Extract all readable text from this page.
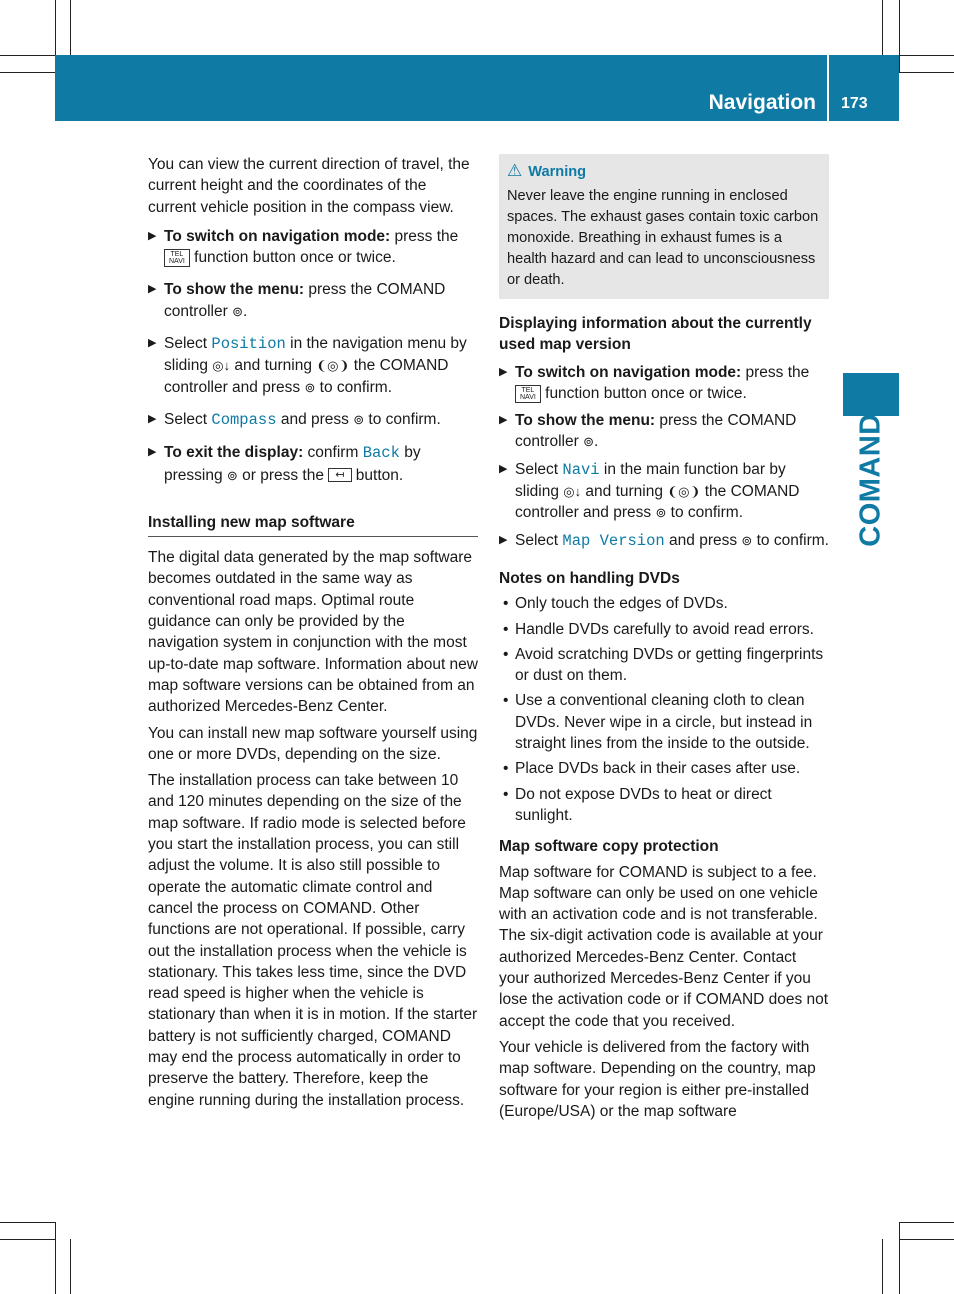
Navigation 173
COMAND

You can view the current direction of travel, the current height and the coordinates of the current vehicle position in the compass view.

▶ To switch on navigation mode: press the
TEL
NAVI function button once or twice.
▶ To show the menu: press the COMAND controller ⊚.
▶ Select Position in the navigation menu by sliding ◎↓ and turning ❨◎❩ the COMAND controller and press ⊚ to confirm.
▶ Select Compass and press ⊚ to confirm.
▶ To exit the display: confirm Back by pressing ⊚ or press the ↤ button.
Installing new map software

The digital data generated by the map software becomes outdated in the same way as conventional road maps. Optimal route guidance can only be provided by the navigation system in conjunction with the most up-to-date map software. Information about new map software versions can be obtained from an authorized Mercedes-Benz Center.

You can install new map software yourself using one or more DVDs, depending on the size.

The installation process can take between 10 and 120 minutes depending on the size of the map software. If radio mode is selected before you start the installation process, you can still adjust the volume. It is also still possible to operate the automatic climate control and cancel the process on COMAND. Other functions are not operational. If possible, carry out the installation process when the vehicle is stationary. This takes less time, since the DVD read speed is higher when the vehicle is stationary than when it is in motion. If the starter battery is not sufficiently charged, COMAND may end the process automatically in order to preserve the battery. Therefore, keep the engine running during the installation process.

⚠ Warning
Never leave the engine running in enclosed spaces. The exhaust gases contain toxic carbon monoxide. Breathing in exhaust fumes is a health hazard and can lead to unconsciousness or death.
Displaying information about the currently used map version
▶ To switch on navigation mode: press the
TEL
NAVI function button once or twice.
▶ To show the menu: press the COMAND controller ⊚.
▶ Select Navi in the main function bar by sliding ◎↓ and turning ❨◎❩ the COMAND controller and press ⊚ to confirm.
▶ Select Map Version and press ⊚ to confirm.
Notes on handling DVDs
• Only touch the edges of DVDs.
• Handle DVDs carefully to avoid read errors.
• Avoid scratching DVDs or getting fingerprints or dust on them.
• Use a conventional cleaning cloth to clean DVDs. Never wipe in a circle, but instead in straight lines from the inside to the outside.
• Place DVDs back in their cases after use.
• Do not expose DVDs to heat or direct sunlight.
Map software copy protection

Map software for COMAND is subject to a fee. Map software can only be used on one vehicle with an activation code and is not transferable. The six-digit activation code is available at your authorized Mercedes-Benz Center. Contact your authorized Mercedes-Benz Center if you lose the activation code or if COMAND does not accept the code that you received.

Your vehicle is delivered from the factory with map software. Depending on the country, map software for your region is either pre-installed (Europe/USA) or the map software
